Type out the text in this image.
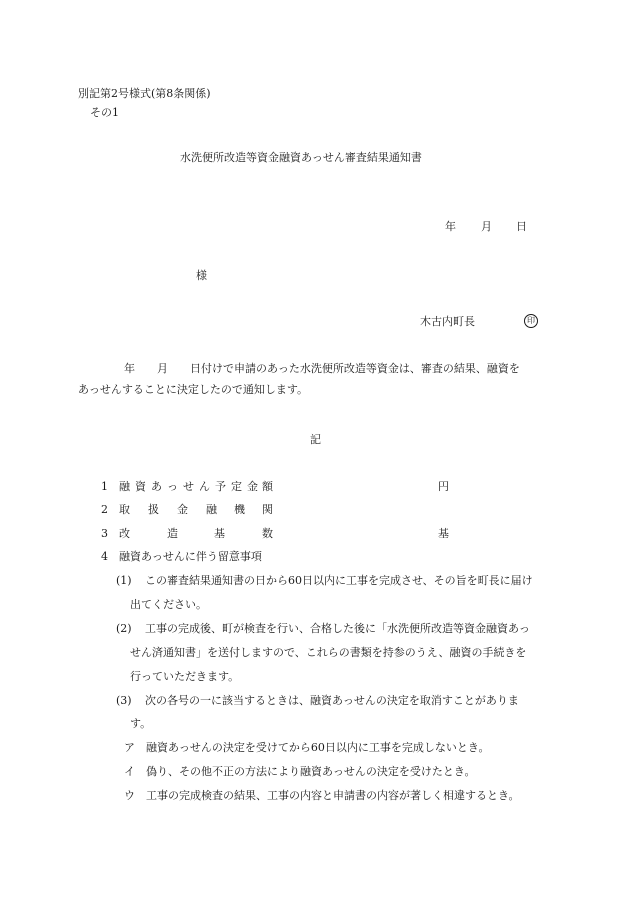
別記第2号様式(第8条関係)
その1
水洗便所改造等資金融資あっせん審査結果通知書
年 月 日
様
木古内町長	印
年　　月　　日付けで申請のあった水洗便所改造等資金は、審査の結果、融資を
あっせんすることに決定したので通知します。
記
1 融 資 あ っ せ ん 予 定 金 額	円
2 取 扱 金 融 機 関
3 改	造	基	数	基
4 融資あっせんに伴う留意事項
(1) この審査結果通知書の日から60日以内に工事を完成させ、その旨を町長に届け
出てください。
(2) 工事の完成後、町が検査を行い、合格した後に「水洗便所改造等資金融資あっ
せん済通知書」を送付しますので、これらの書類を持参のうえ、融資の手続きを
行っていただきます。
(3) 次の各号の一に該当するときは、融資あっせんの決定を取消すことがありま
す。
ア 融資あっせんの決定を受けてから60日以内に工事を完成しないとき。
イ 偽り、その他不正の方法により融資あっせんの決定を受けたとき。
ウ 工事の完成検査の結果、工事の内容と申請書の内容が著しく相違するとき。
